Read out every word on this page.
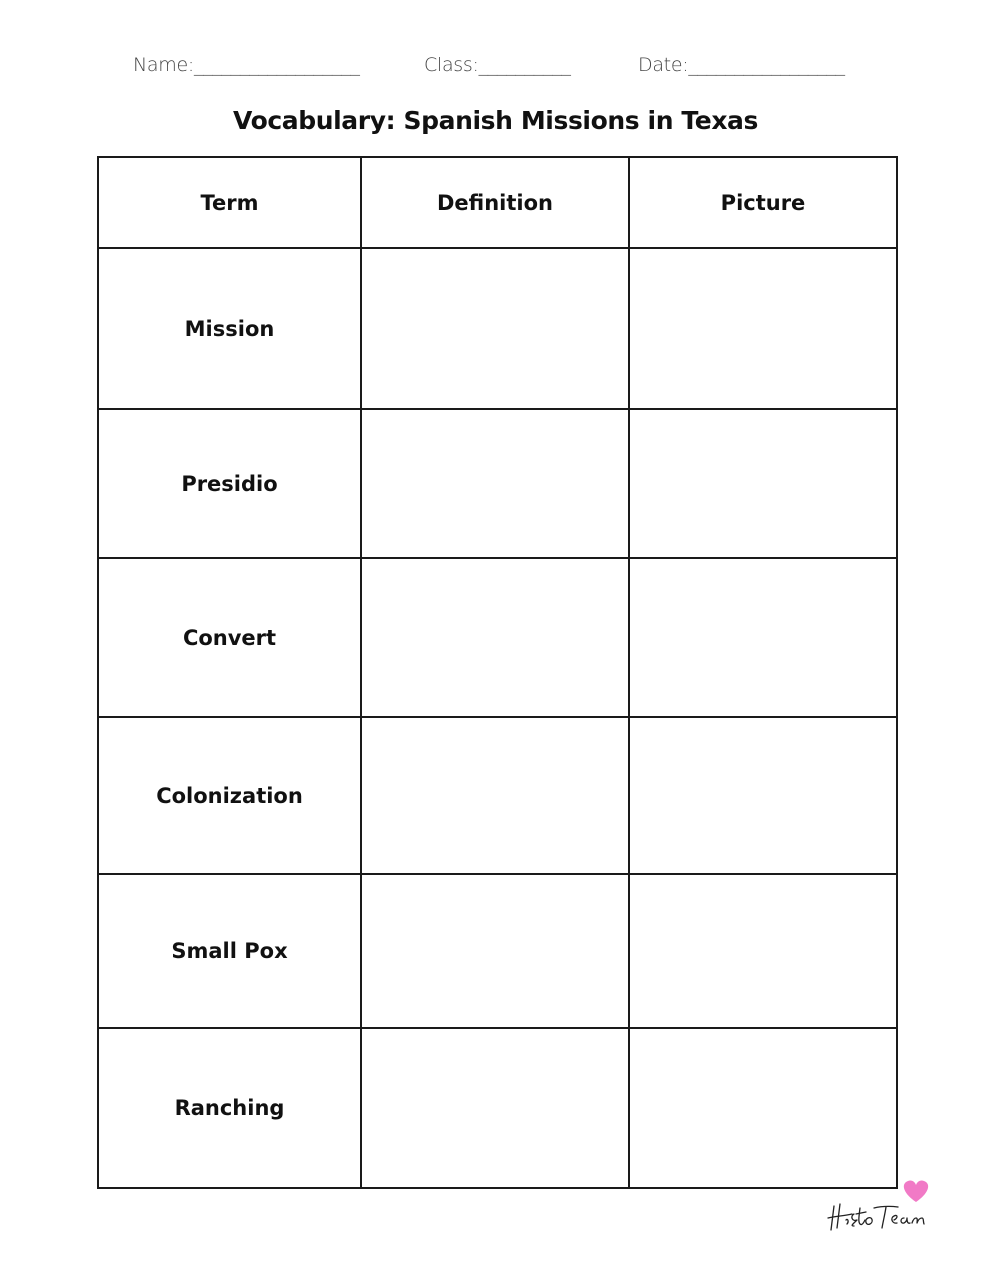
Name:__________________	Class:__________	Date:_________________
Vocabulary: Spanish Missions in Texas
Term	Definition	Picture
Mission		
Presidio		
Convert		
Colonization		
Small Pox		
Ranching		
